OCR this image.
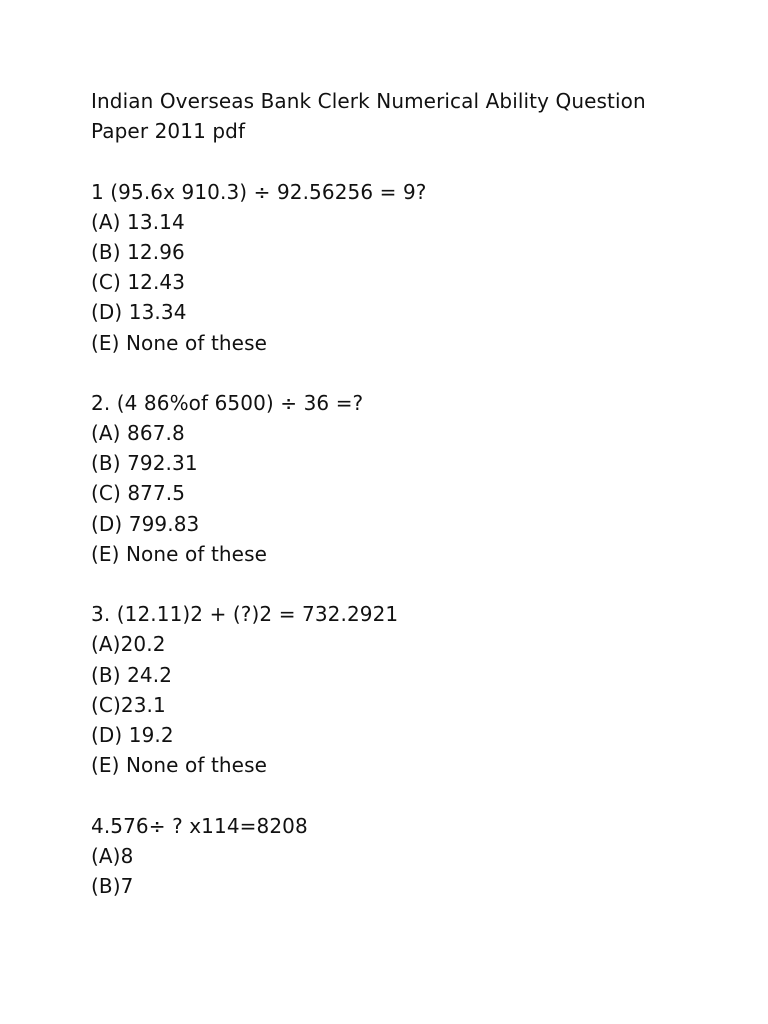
Indian Overseas Bank Clerk Numerical Ability Question
Paper 2011 pdf
1 (95.6x 910.3) ÷ 92.56256 = 9?
(A) 13.14
(B) 12.96
(C) 12.43
(D) 13.34
(E) None of these
2. (4 86%of 6500) ÷ 36 =?
(A) 867.8
(B) 792.31
(C) 877.5
(D) 799.83
(E) None of these
3. (12.11)2 + (?)2 = 732.2921
(A)20.2
(B) 24.2
(C)23.1
(D) 19.2
(E) None of these
4.576÷ ? x114=8208
(A)8
(B)7
